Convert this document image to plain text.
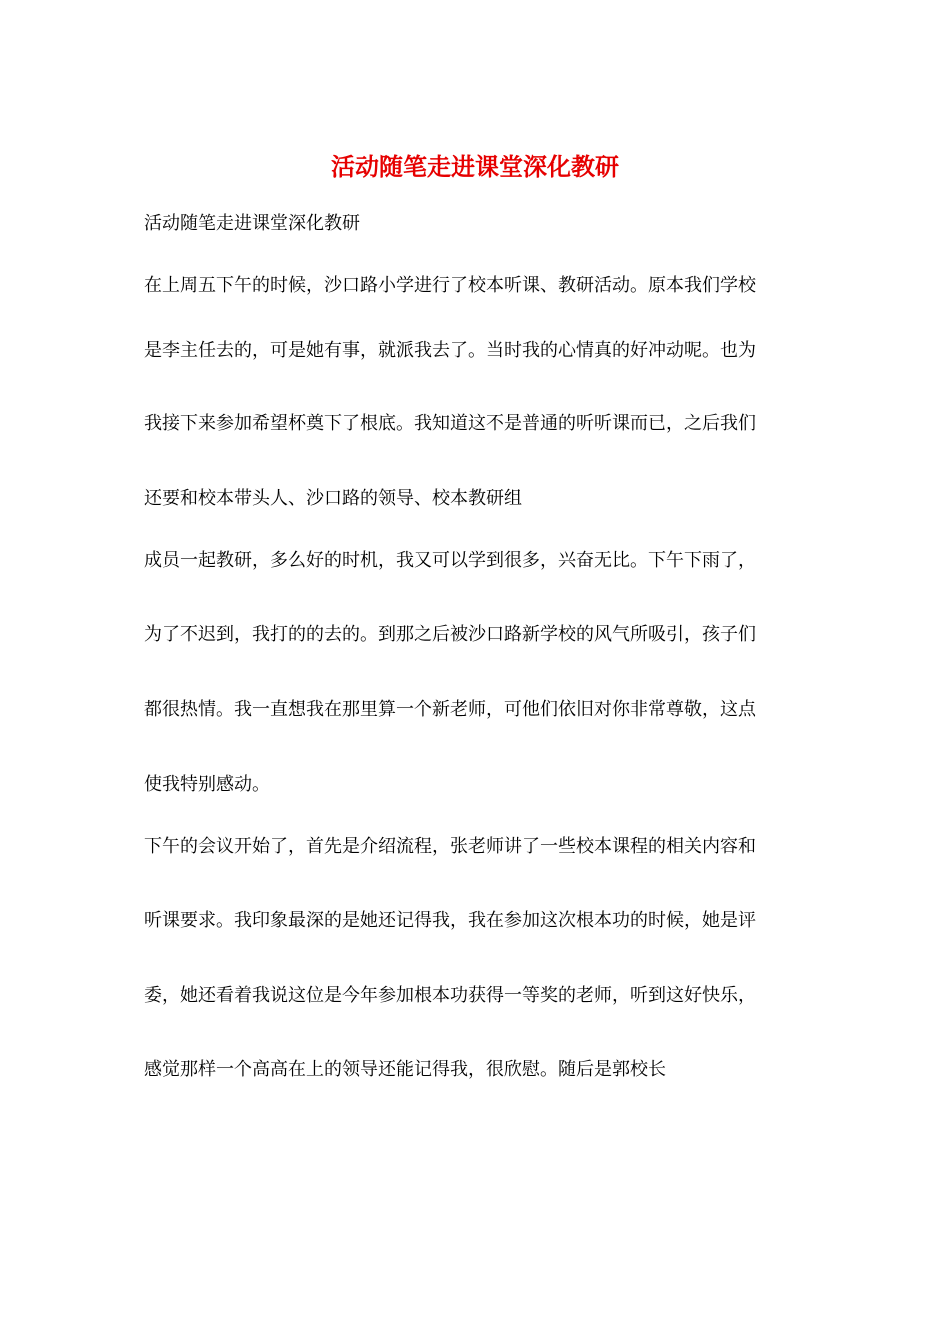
活动随笔走进课堂深化教研
活动随笔走进课堂深化教研
在上周五下午的时候，沙口路小学进行了校本听课、教研活动。原本我们学校
是李主任去的，可是她有事，就派我去了。当时我的心情真的好冲动呢。也为
我接下来参加希望杯奠下了根底。我知道这不是普通的听听课而已，之后我们
还要和校本带头人、沙口路的领导、校本教研组
成员一起教研，多么好的时机，我又可以学到很多，兴奋无比。下午下雨了，
为了不迟到，我打的的去的。到那之后被沙口路新学校的风气所吸引，孩子们
都很热情。我一直想我在那里算一个新老师，可他们依旧对你非常尊敬，这点
使我特别感动。
下午的会议开始了，首先是介绍流程，张老师讲了一些校本课程的相关内容和
听课要求。我印象最深的是她还记得我，我在参加这次根本功的时候，她是评
委，她还看着我说这位是今年参加根本功获得一等奖的老师，听到这好快乐，
感觉那样一个高高在上的领导还能记得我，很欣慰。随后是郭校长
